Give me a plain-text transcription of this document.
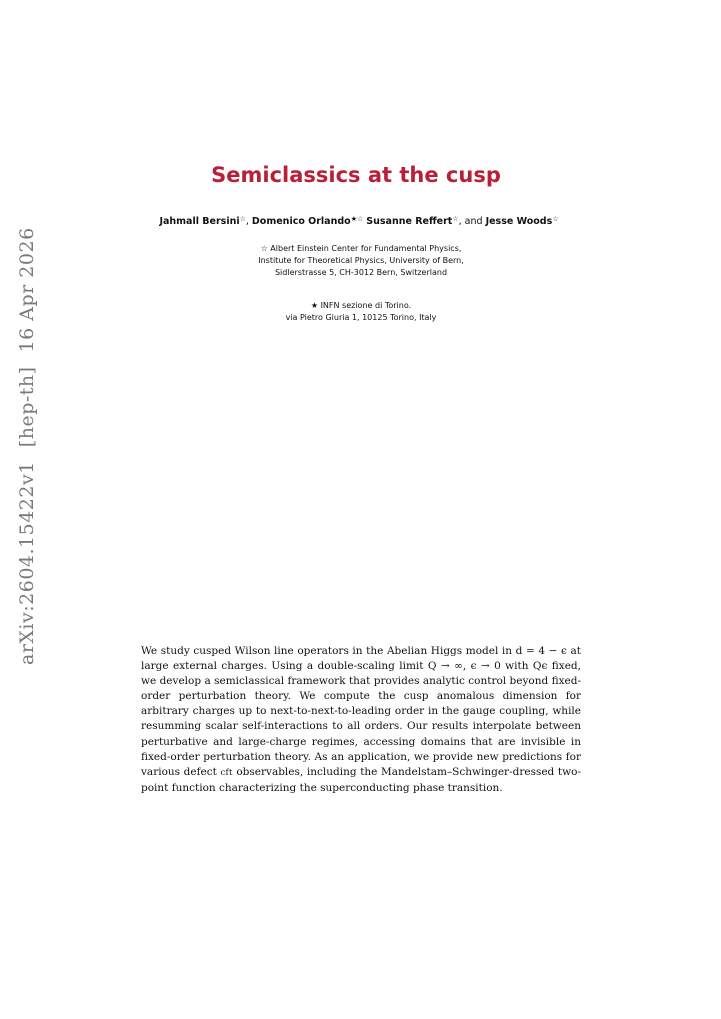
arXiv:2604.15422v1[hep-th]16 Apr 2026
Semiclassics at the cusp
Jahmall Bersini☆, Domenico Orlando★☆ Susanne Reffert☆, and Jesse Woods☆
☆ Albert Einstein Center for Fundamental Physics,
Institute for Theoretical Physics, University of Bern,
Sidlerstrasse 5, CH-3012 Bern, Switzerland
★ INFN sezione di Torino.
via Pietro Giuria 1, 10125 Torino, Italy

We study cusped Wilson line operators in the Abelian Higgs model in d = 4 − ϵ at large external charges. Using a double-scaling limit Q → ∞, ϵ → 0 with Qϵ fixed, we develop a semiclassical framework that provides analytic control beyond fixed-order perturbation theory. We compute the cusp anomalous dimension for arbitrary charges up to next-to-next-to-leading order in the gauge coupling, while resumming scalar self-interactions to all orders. Our results interpolate between perturbative and large-charge regimes, accessing domains that are invisible in fixed-order perturbation theory. As an application, we provide new predictions for various defect cft observables, including the Mandelstam–Schwinger-dressed two-point function characterizing the superconducting phase transition.
